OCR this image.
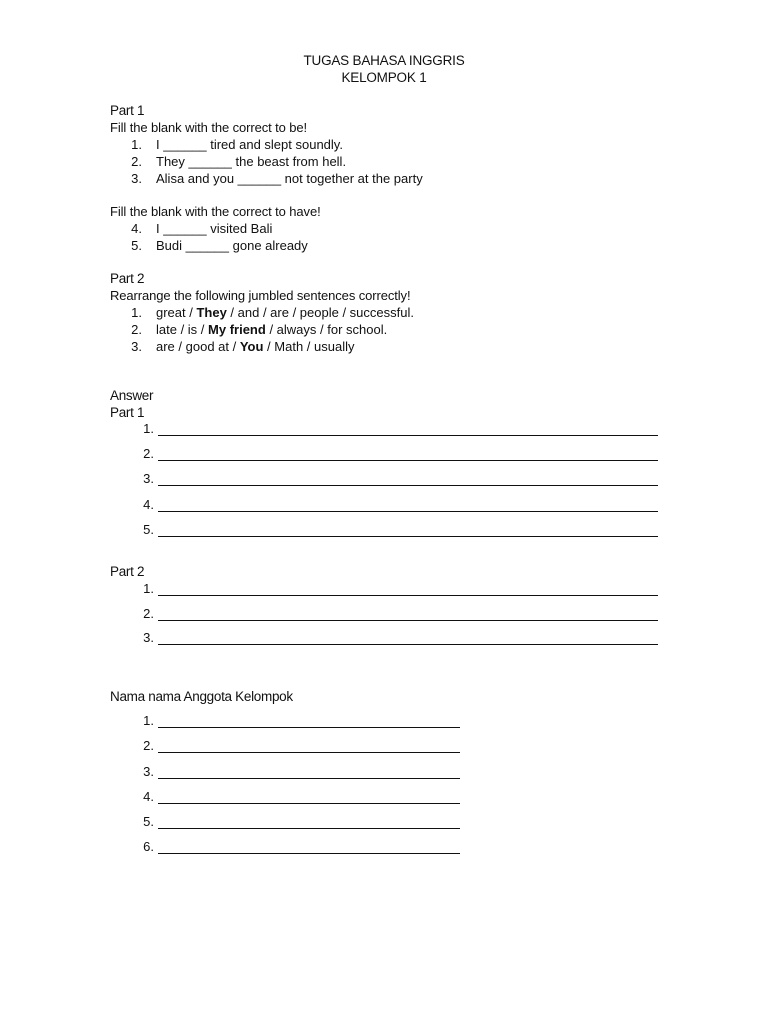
TUGAS BAHASA INGGRIS
KELOMPOK 1
Part 1
Fill the blank with the correct to be!
1. I ______ tired and slept soundly.
2. They ______ the beast from hell.
3. Alisa and you ______ not together at the party
Fill the blank with the correct to have!
4. I ______ visited Bali
5. Budi ______ gone already
Part 2
Rearrange the following jumbled sentences correctly!
1. great / They / and / are / people / successful.
2. late / is / My friend / always / for school.
3. are / good at / You / Math / usually
Answer
Part 1
1.
2.
3.
4.
5.
Part 2
1.
2.
3.
Nama nama Anggota Kelompok
1.
2.
3.
4.
5.
6.
